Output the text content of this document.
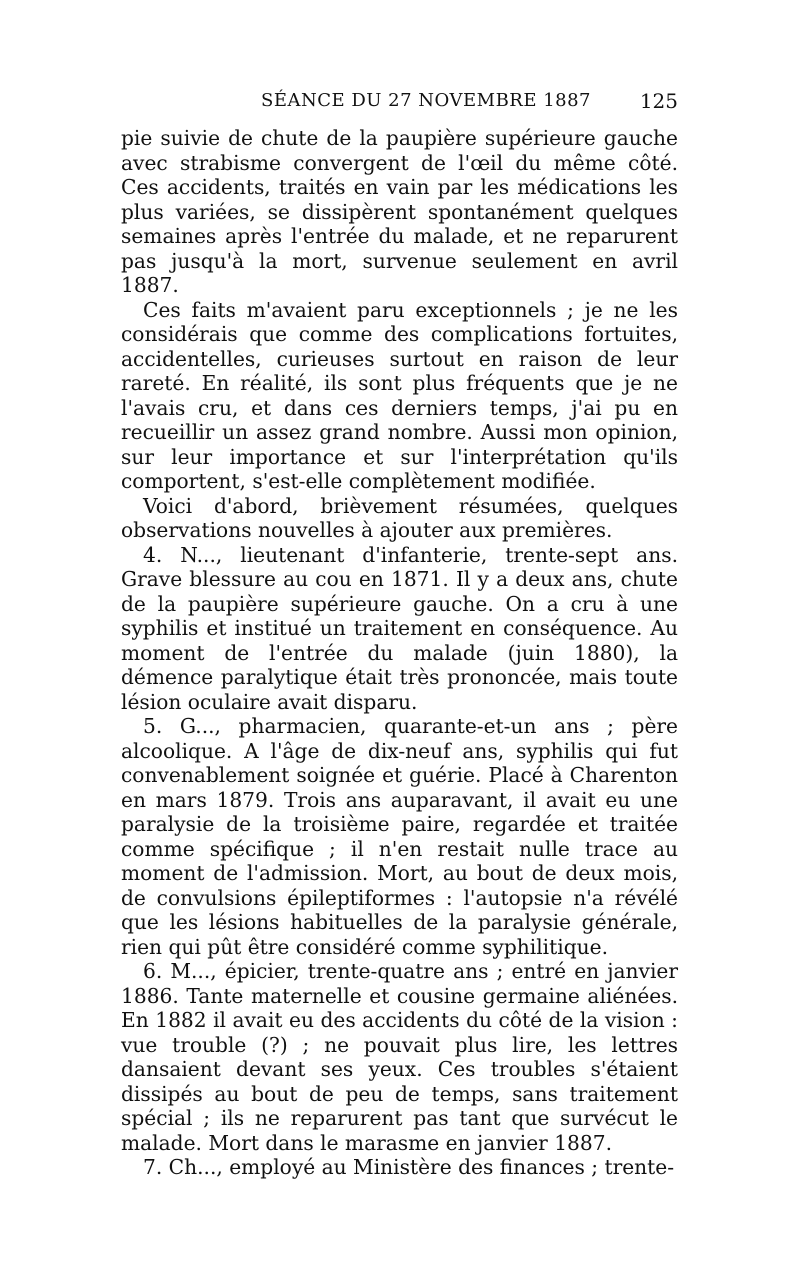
SÉANCE DU 27 NOVEMBRE 1887 125

pie suivie de chute de la paupière supérieure gauche avec strabisme convergent de l'œil du même côté. Ces accidents, traités en vain par les médications les plus variées, se dissipèrent spontanément quelques semaines après l'entrée du malade, et ne reparurent pas jusqu'à la mort, survenue seulement en avril 1887.

Ces faits m'avaient paru exceptionnels ; je ne les considérais que comme des complications fortuites, accidentelles, curieuses surtout en raison de leur rareté. En réalité, ils sont plus fréquents que je ne l'avais cru, et dans ces derniers temps, j'ai pu en recueillir un assez grand nombre. Aussi mon opinion, sur leur importance et sur l'interprétation qu'ils comportent, s'est-elle complètement modifiée.

Voici d'abord, brièvement résumées, quelques observations nouvelles à ajouter aux premières.

4. N..., lieutenant d'infanterie, trente-sept ans. Grave blessure au cou en 1871. Il y a deux ans, chute de la paupière supérieure gauche. On a cru à une syphilis et institué un traitement en conséquence. Au moment de l'entrée du malade (juin 1880), la démence paralytique était très prononcée, mais toute lésion oculaire avait disparu.

5. G..., pharmacien, quarante-et-un ans ; père alcoolique. A l'âge de dix-neuf ans, syphilis qui fut convenablement soignée et guérie. Placé à Charenton en mars 1879. Trois ans auparavant, il avait eu une paralysie de la troisième paire, regardée et traitée comme spécifique ; il n'en restait nulle trace au moment de l'admission. Mort, au bout de deux mois, de convulsions épileptiformes : l'autopsie n'a révélé que les lésions habituelles de la paralysie générale, rien qui pût être considéré comme syphilitique.

6. M..., épicier, trente-quatre ans ; entré en janvier 1886. Tante maternelle et cousine germaine aliénées. En 1882 il avait eu des accidents du côté de la vision : vue trouble (?) ; ne pouvait plus lire, les lettres dansaient devant ses yeux. Ces troubles s'étaient dissipés au bout de peu de temps, sans traitement spécial ; ils ne reparurent pas tant que survécut le malade. Mort dans le marasme en janvier 1887.

7. Ch..., employé au Ministère des finances ; trente-
